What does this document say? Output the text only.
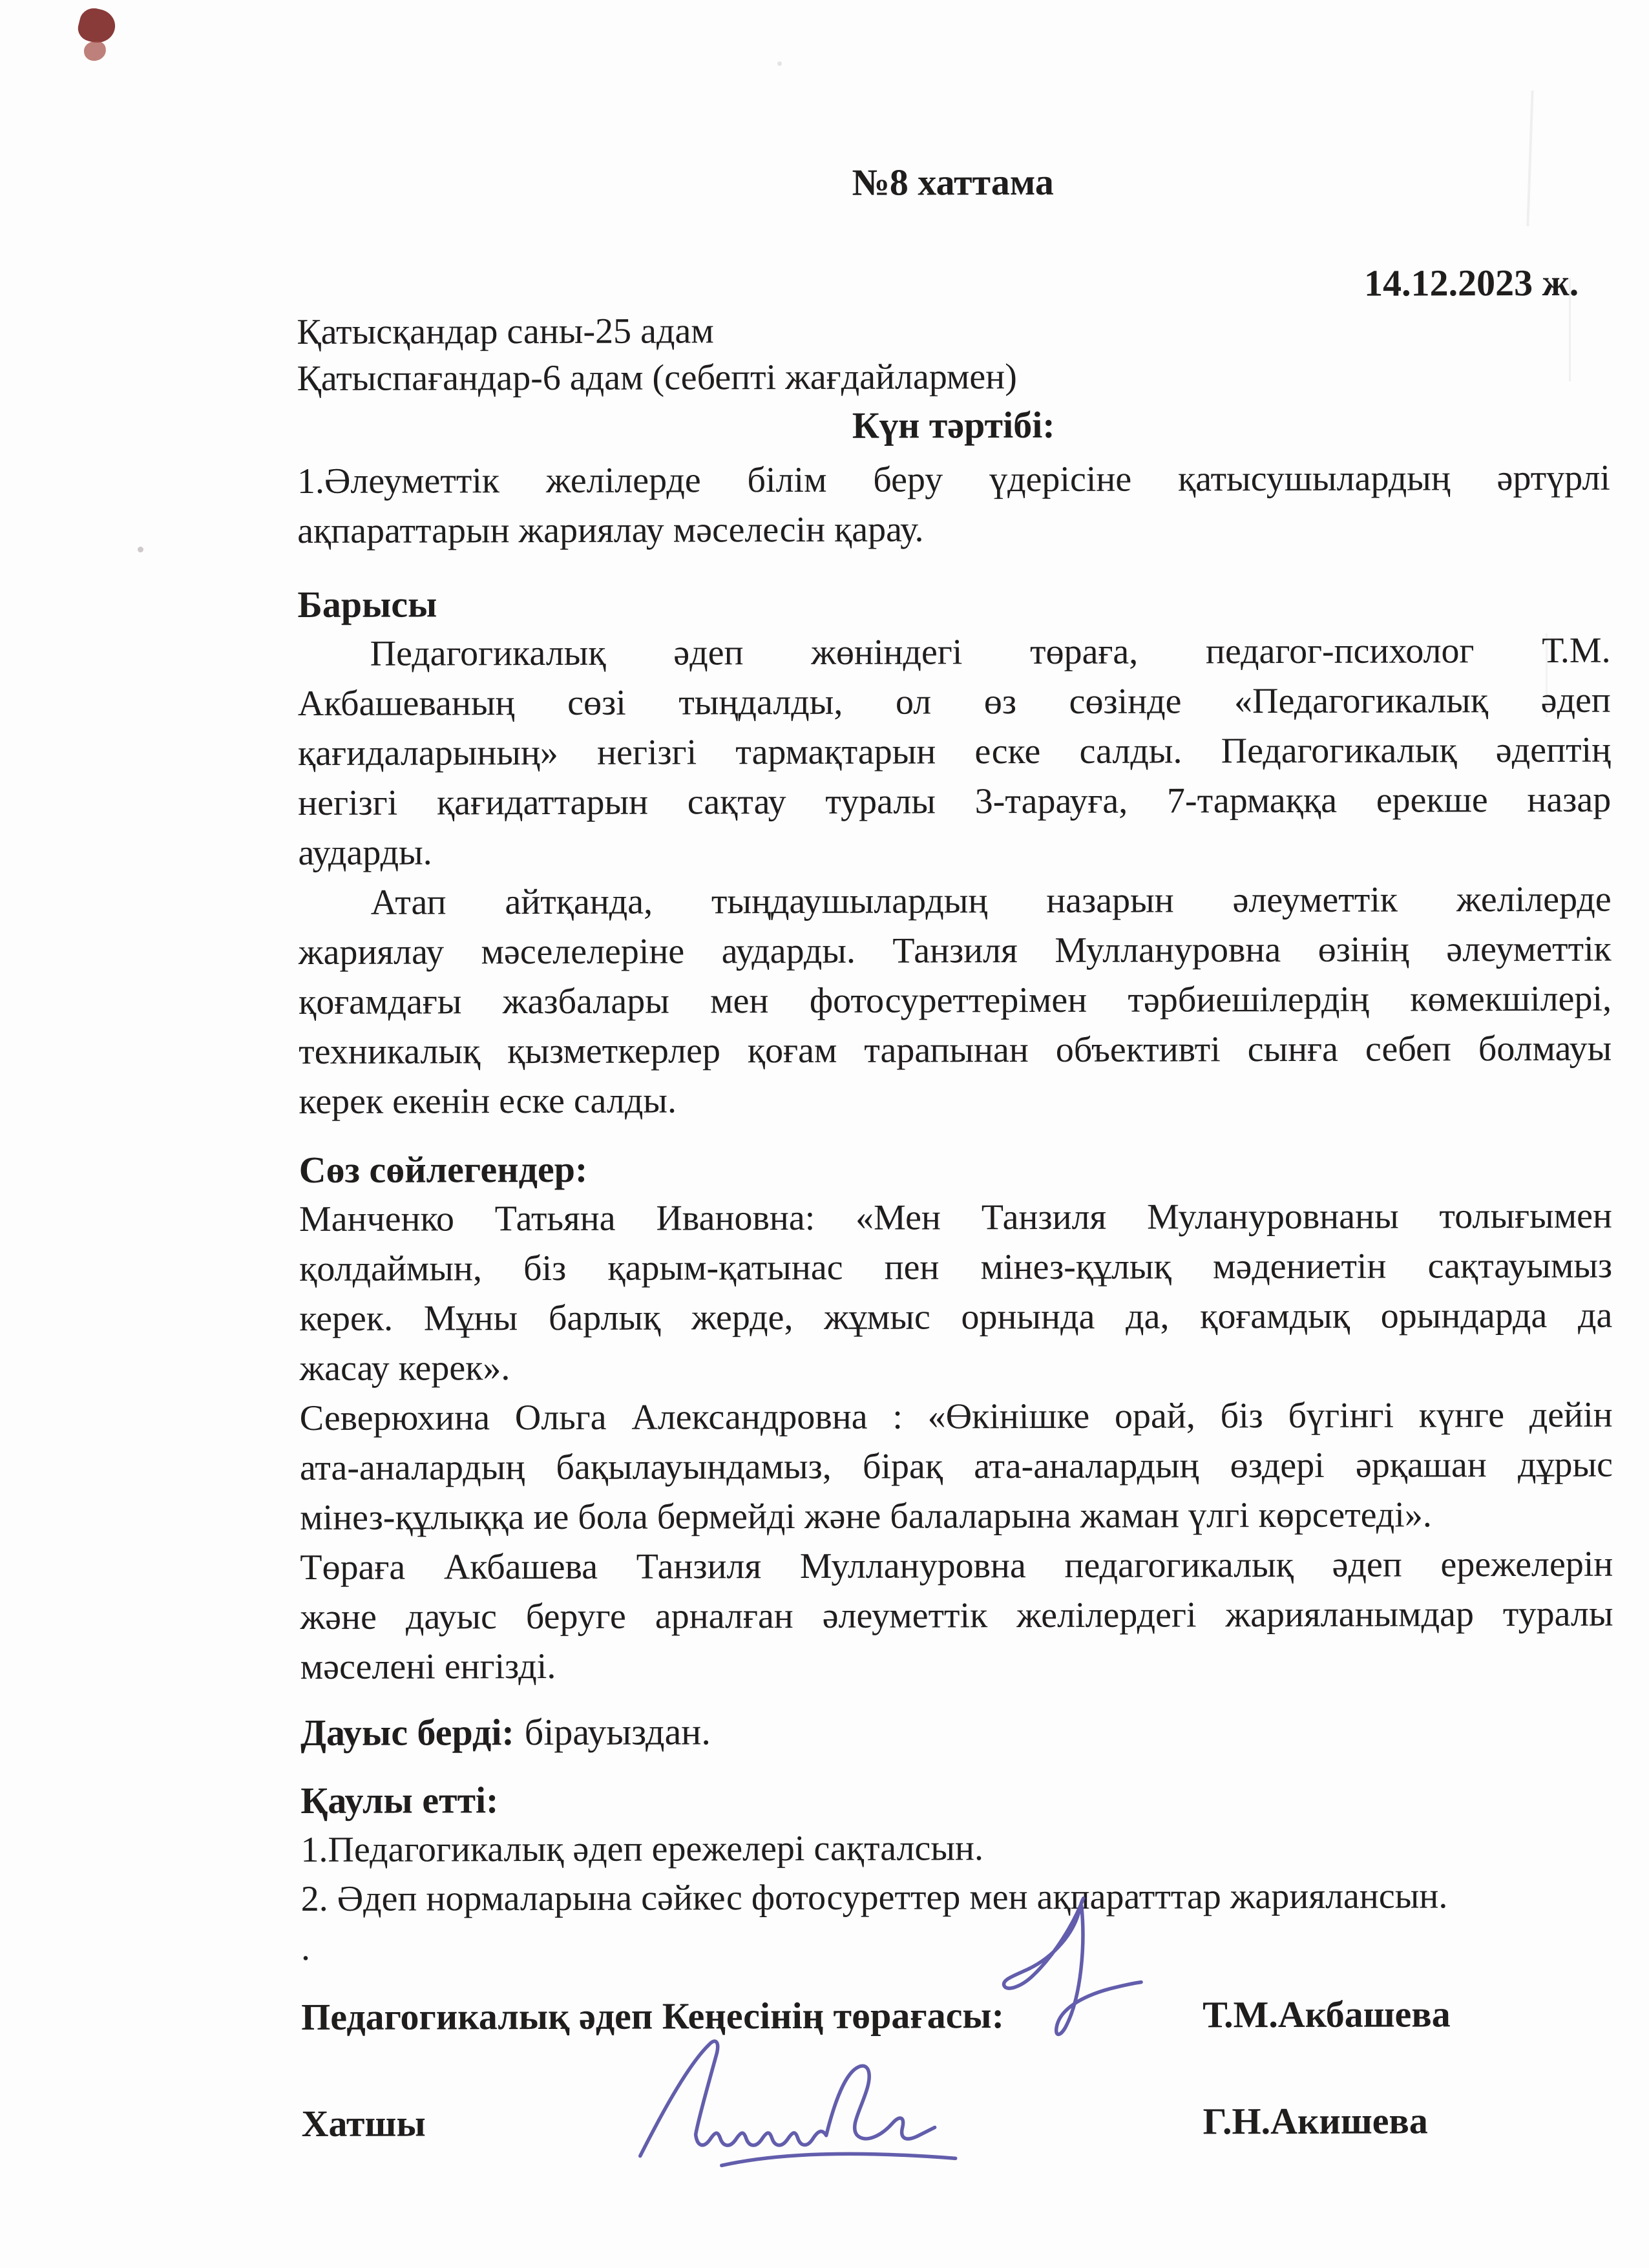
№8 хаттама
14.12.2023 ж.
Қатысқандар саны-25 адам
Қатыспағандар-6 адам (себепті жағдайлармен)
Күн тәртібі:
1.Әлеуметтік желілерде білім беру үдерісіне қатысушылардың әртүрлі
ақпараттарын жариялау мәселесін қарау.
Барысы
Педагогикалық әдеп жөніндегі төраға, педагог-психолог Т.М.
Акбашеваның сөзі тыңдалды, ол өз сөзінде «Педагогикалық әдеп
қағидаларының» негізгі тармақтарын еске салды. Педагогикалық әдептің
негізгі қағидаттарын сақтау туралы 3-тарауға, 7-тармаққа ерекше назар
аударды.
Атап айтқанда, тыңдаушылардың назарын әлеуметтік желілерде
жариялау мәселелеріне аударды. Танзиля Муллануровна өзінің әлеуметтік
қоғамдағы жазбалары мен фотосуреттерімен тәрбиешілердің көмекшілері,
техникалық қызметкерлер қоғам тарапынан объективті сынға себеп болмауы
керек екенін еске салды.
Сөз сөйлегендер:
Манченко Татьяна Ивановна: «Мен Танзиля Мулануровнаны толығымен
қолдаймын, біз қарым-қатынас пен мінез-құлық мәдениетін сақтауымыз
керек. Мұны барлық жерде, жұмыс орнында да, қоғамдық орындарда да
жасау керек».
Северюхина Ольга Александровна : «Өкінішке орай, біз бүгінгі күнге дейін
ата-аналардың бақылауындамыз, бірақ ата-аналардың өздері әрқашан дұрыс
мінез-құлыққа ие бола бермейді және балаларына жаман үлгі көрсетеді».
Төраға Акбашева Танзиля Муллануровна педагогикалық әдеп ережелерін
және дауыс беруге арналған әлеуметтік желілердегі жарияланымдар туралы
мәселені енгізді.
Дауыс берді: бірауыздан.
Қаулы етті:
1.Педагогикалық әдеп ережелері сақталсын.
2. Әдеп нормаларына сәйкес фотосуреттер мен ақпаратттар жариялансын.
.
Педагогикалық әдеп Кеңесінің төрағасы:	Т.М.Акбашева
Хатшы	Г.Н.Акишева
